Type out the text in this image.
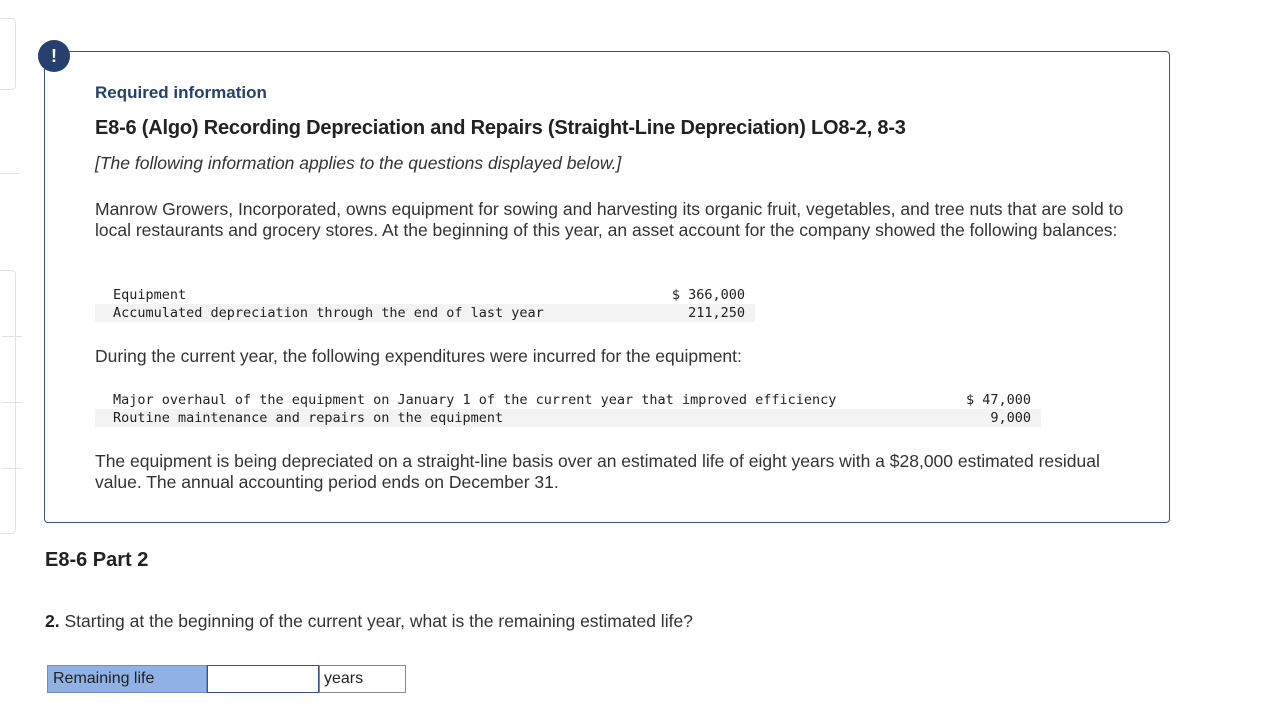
!
Required information
E8-6 (Algo) Recording Depreciation and Repairs (Straight-Line Depreciation) LO8-2, 8-3
[The following information applies to the questions displayed below.]
Manrow Growers, Incorporated, owns equipment for sowing and harvesting its organic fruit, vegetables, and tree nuts that are sold to local restaurants and grocery stores. At the beginning of this year, an asset account for the company showed the following balances:
Equipment	$ 366,000
Accumulated depreciation through the end of last year	211,250
During the current year, the following expenditures were incurred for the equipment:
Major overhaul of the equipment on January 1 of the current year that improved efficiency	$ 47,000
Routine maintenance and repairs on the equipment	9,000
The equipment is being depreciated on a straight-line basis over an estimated life of eight years with a $28,000 estimated residual value. The annual accounting period ends on December 31.
E8-6 Part 2
2. Starting at the beginning of the current year, what is the remaining estimated life?
Remaining life	years
